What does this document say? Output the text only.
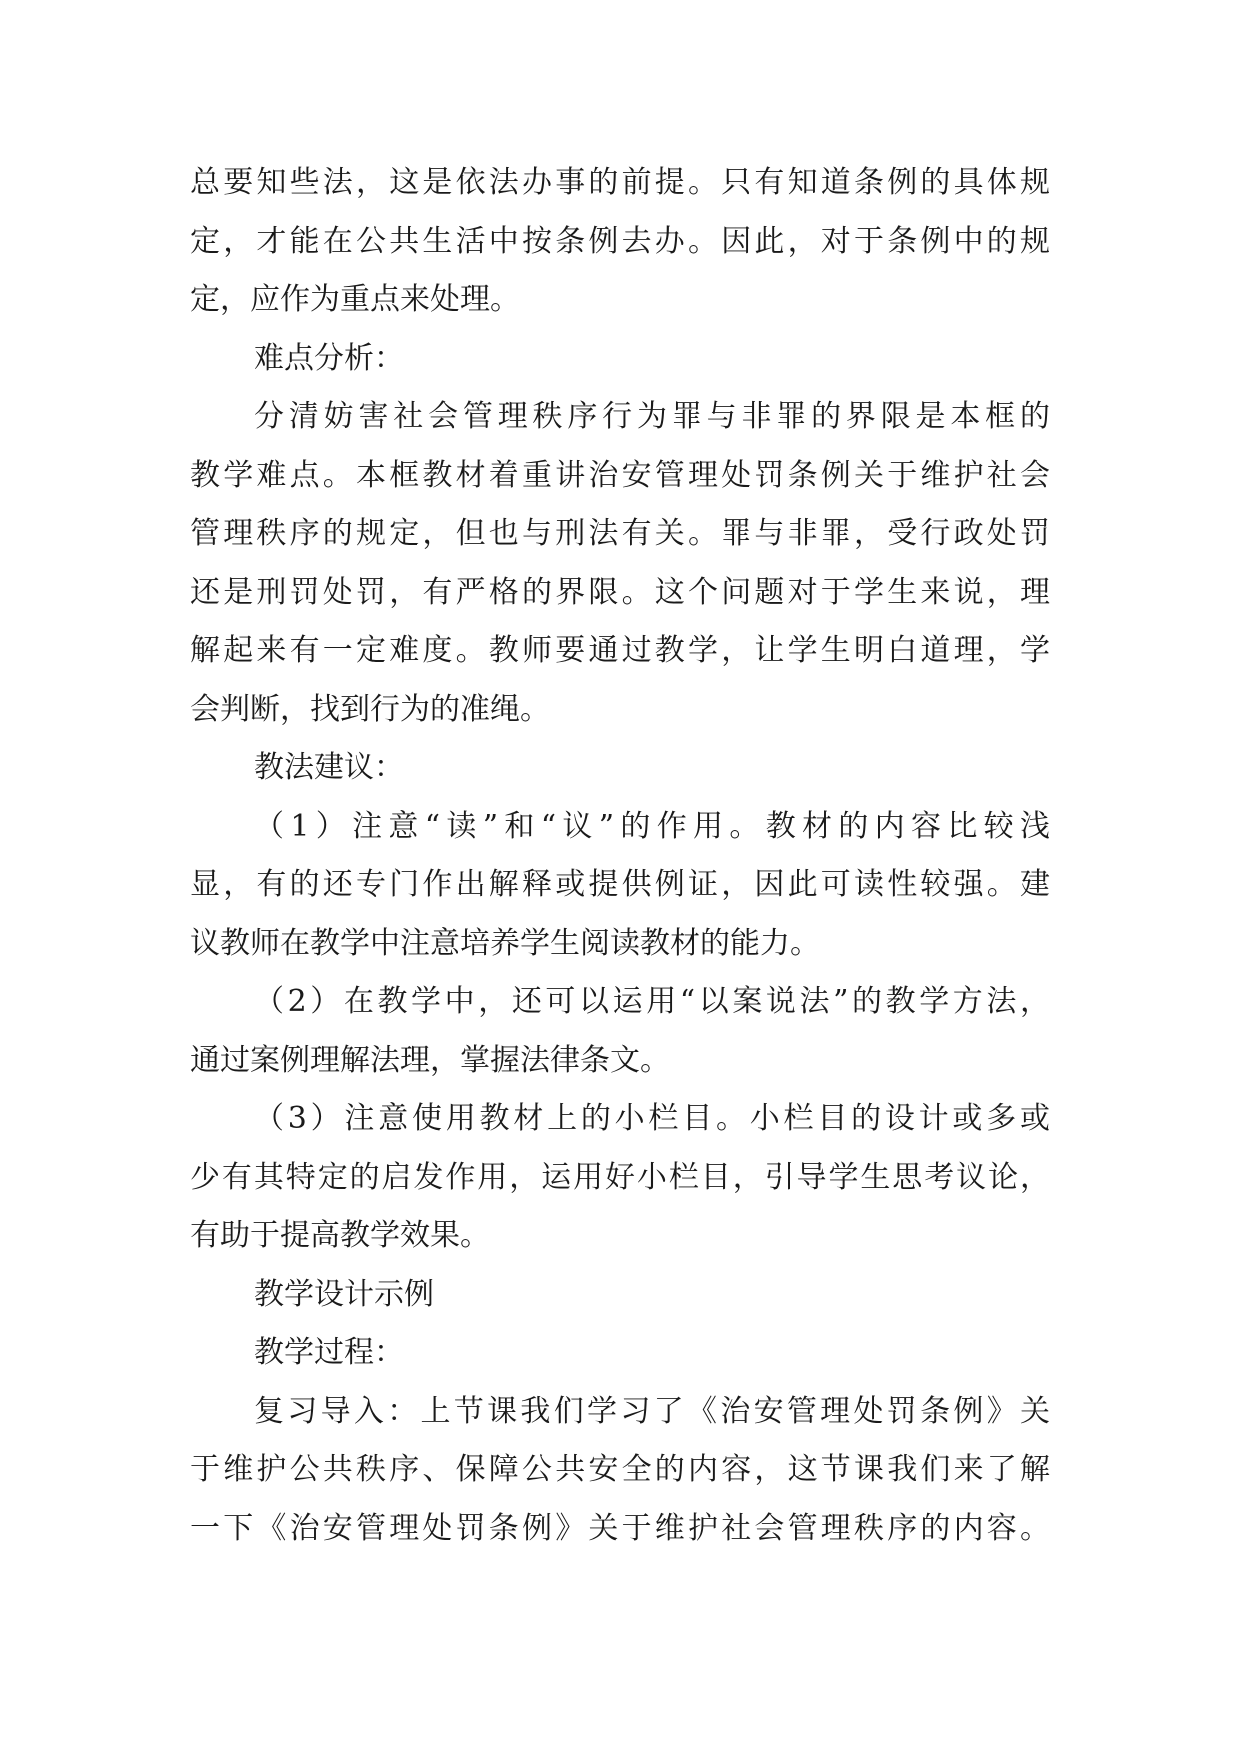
总要知些法，这是依法办事的前提。只有知道条例的具体规

定，才能在公共生活中按条例去办。因此，对于条例中的规

定，应作为重点来处理。

难点分析：

分清妨害社会管理秩序行为罪与非罪的界限是本框的

教学难点。本框教材着重讲治安管理处罚条例关于维护社会

管理秩序的规定，但也与刑法有关。罪与非罪，受行政处罚

还是刑罚处罚，有严格的界限。这个问题对于学生来说，理

解起来有一定难度。教师要通过教学，让学生明白道理，学

会判断，找到行为的准绳。

教法建议：

（1）注意“读”和“议”的作用。教材的内容比较浅

显，有的还专门作出解释或提供例证，因此可读性较强。建

议教师在教学中注意培养学生阅读教材的能力。

（2）在教学中，还可以运用“以案说法”的教学方法，

通过案例理解法理，掌握法律条文。

（3）注意使用教材上的小栏目。小栏目的设计或多或

少有其特定的启发作用，运用好小栏目，引导学生思考议论，

有助于提高教学效果。

教学设计示例

教学过程：

复习导入：上节课我们学习了《治安管理处罚条例》关

于维护公共秩序、保障公共安全的内容，这节课我们来了解

一下《治安管理处罚条例》关于维护社会管理秩序的内容。
